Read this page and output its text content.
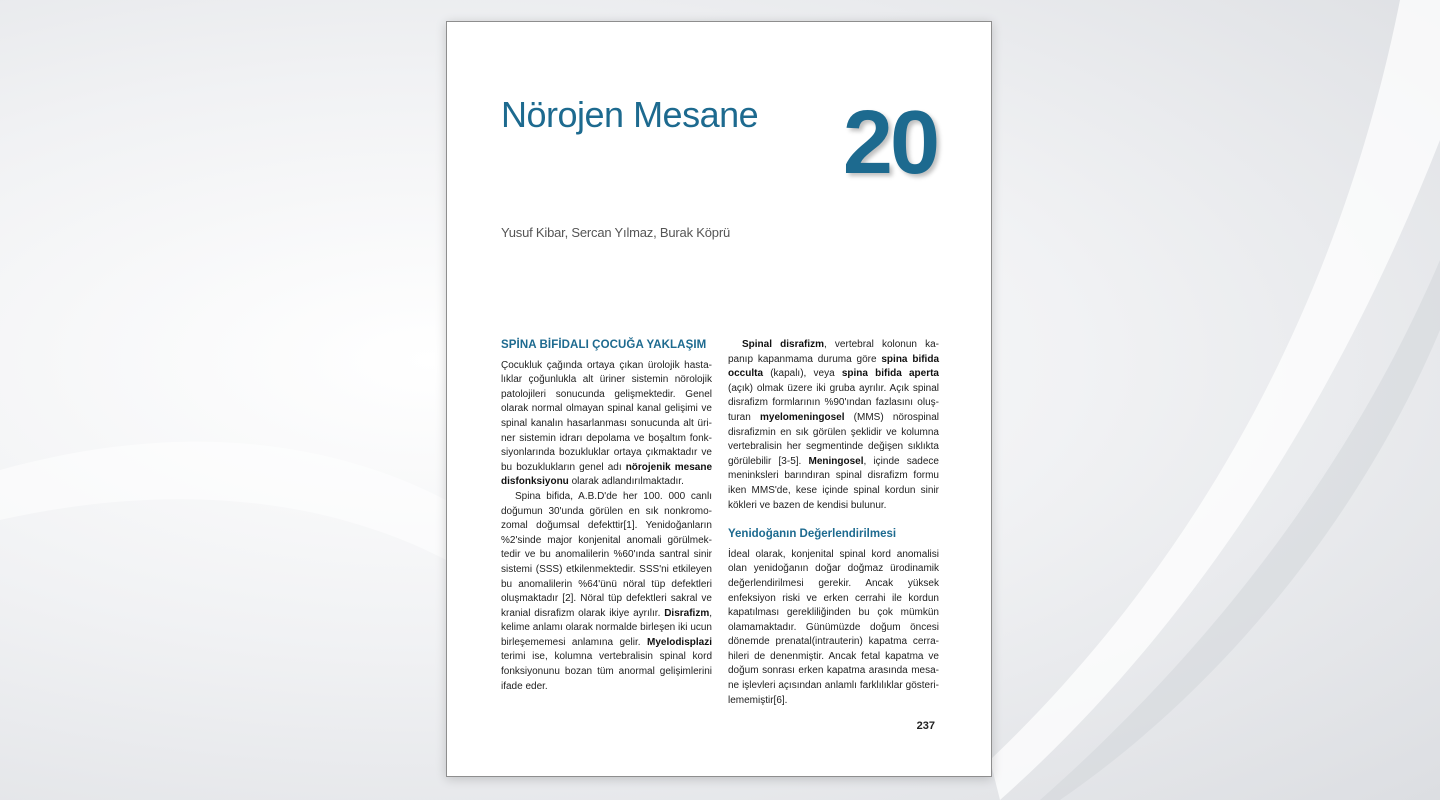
Nörojen Mesane 20
Yusuf Kibar, Sercan Yılmaz, Burak Köprü
SPİNA BİFİDALI ÇOCUĞA YAKLAŞIM

Çocukluk çağında ortaya çıkan ürolojik hastalıklar çoğunlukla alt üriner sistemin nörolojik patolojileri sonucunda gelişmektedir. Genel olarak normal olmayan spinal kanal gelişimi ve spinal kanalın hasarlanması sonucunda alt üriner sistemin idrarı depolama ve boşaltım fonksiyonlarında bozukluklar ortaya çıkmaktadır ve bu bozuklukların genel adı nörojenik mesane disfonksiyonu olarak adlandırılmaktadır.

Spina bifida, A.B.D'de her 100. 000 canlı doğumun 30'unda görülen en sık nonkromozomal doğumsal defekttir[1]. Yenidoğanların %2'sinde major konjenital anomali görülmektedir ve bu anomalilerin %60'ında santral sinir sistemi (SSS) etkilenmektedir. SSS'ni etkileyen bu anomalilerin %64'ünü nöral tüp defektleri oluşmaktadır [2]. Nöral tüp defektleri sakral ve kranial disrafizm olarak ikiye ayrılır. Disrafizm, kelime anlamı olarak normalde birleşen iki ucun birleşememesi anlamına gelir. Myelodisplazi terimi ise, kolumna vertebralisin spinal kord fonksiyonunu bozan tüm anormal gelişimlerini ifade eder.

Spinal disrafizm, vertebral kolonun kapanıp kapanmama duruma göre spina bifida occulta (kapalı), veya spina bifida aperta (açık) olmak üzere iki gruba ayrılır. Açık spinal disrafizm formlarının %90'ından fazlasını oluşturan myelomeningosel (MMS) nörospinal disrafizmin en sık görülen şeklidir ve kolumna vertebralisin her segmentinde değişen sıklıkta görülebilir [3-5]. Meningosel, içinde sadece meninksleri barındıran spinal disrafizm formu iken MMS'de, kese içinde spinal kordun sinir kökleri ve bazen de kendisi bulunur.

Yenidoğanın Değerlendirilmesi

İdeal olarak, konjenital spinal kord anomalisi olan yenidoğanın doğar doğmaz ürodinamik değerlendirilmesi gerekir. Ancak yüksek enfeksiyon riski ve erken cerrahi ile kordun kapatılması gerekliliğinden bu çok mümkün olamamaktadır. Günümüzde doğum öncesi dönemde prenatal(intrauterin) kapatma cerrahileri de denenmiştir. Ancak fetal kapatma ve doğum sonrası erken kapatma arasında mesane işlevleri açısından anlamlı farklılıklar gösterilememiştir[6].

237
